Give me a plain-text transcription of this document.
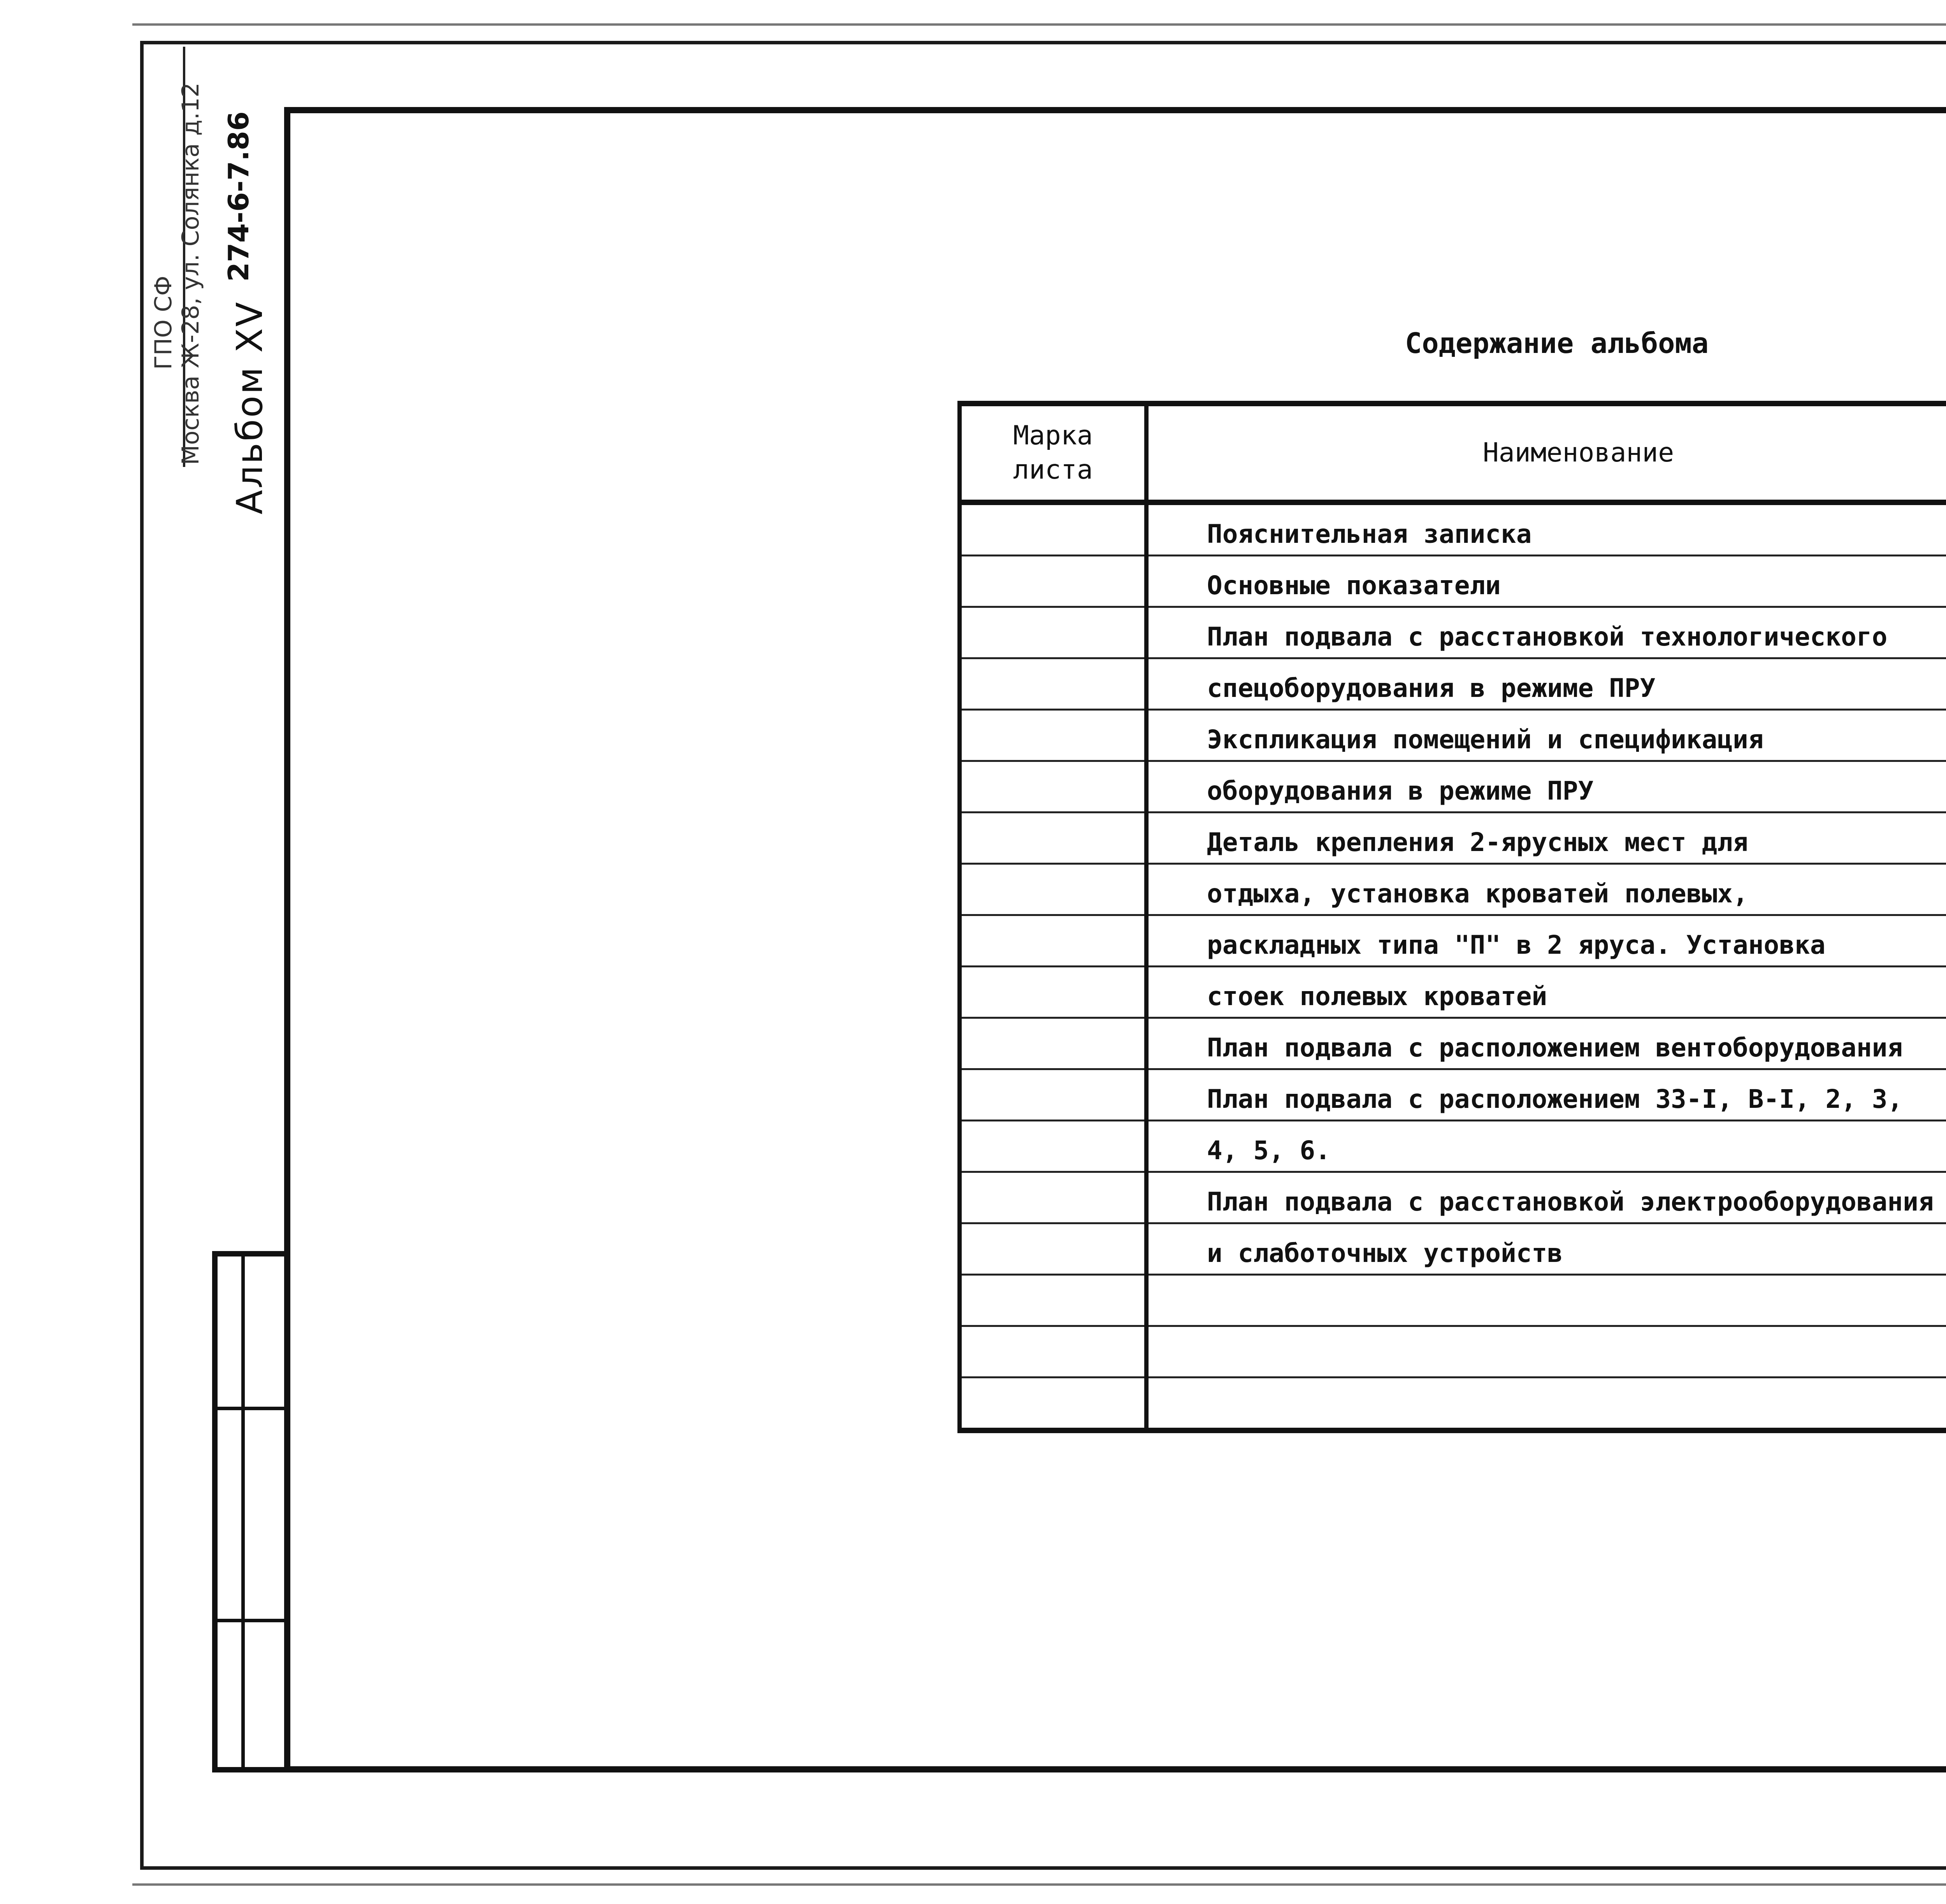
Москва Ж-28, ул. Солянка д.12
ГПО СФ
Альбом XV
274-6-7.86
Содержание альбома
Марка листа	Наименование	
	Пояснительная записка	
	Основные показатели	
	План подвала с расстановкой технологического	
	спецоборудования в режиме ПРУ	
	Экспликация помещений и спецификация	
	оборудования в режиме ПРУ	
	Деталь крепления 2-ярусных мест для	
	отдыха, установка кроватей полевых,	
	раскладных типа "П" в 2 яруса. Установка	
	стоек полевых кроватей	
	План подвала с расположением вентоборудования	
	План подвала с расположением ЗЗ-I, В-I, 2, 3,	
	4, 5, 6.	
	План подвала с расстановкой электрооборудования	
	и слаботочных устройств	
